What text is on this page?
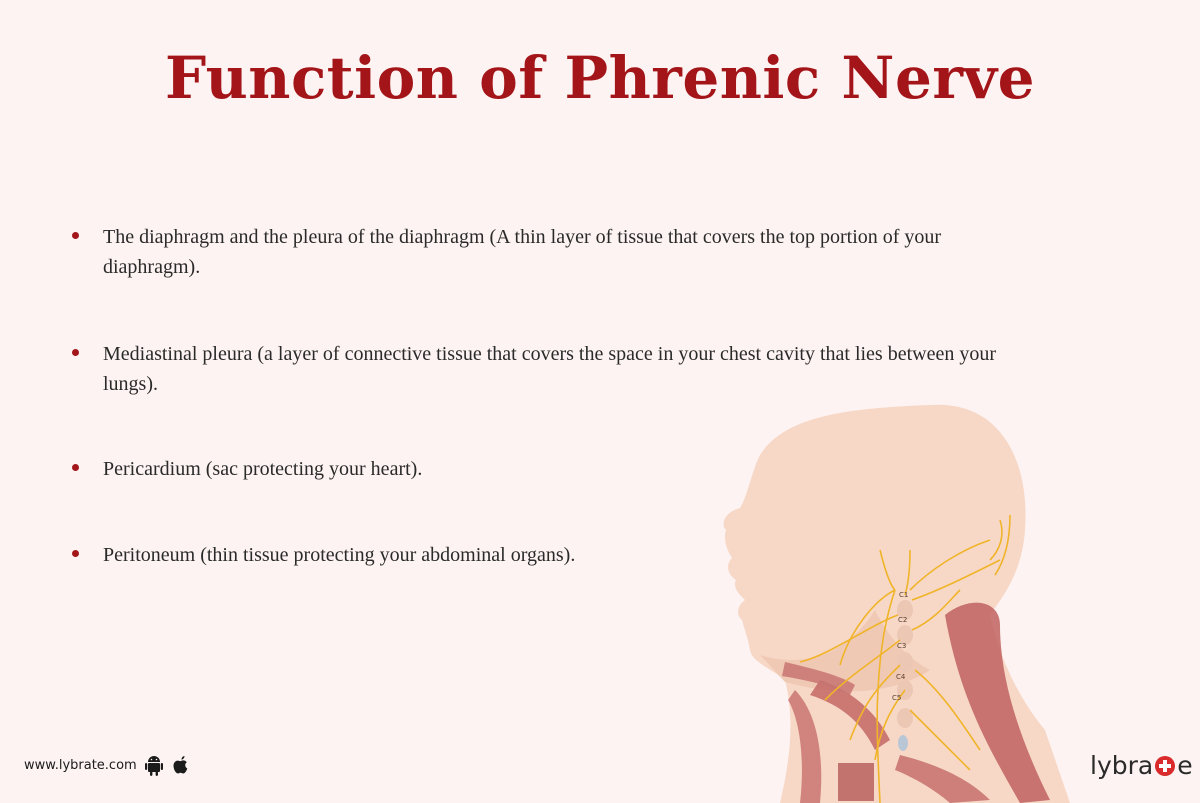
Function of Phrenic Nerve
The diaphragm and the pleura of the diaphragm (A thin layer of tissue that covers the top portion of your diaphragm).
Mediastinal pleura (a layer of connective tissue that covers the space in your chest cavity that lies between your lungs).
Pericardium (sac protecting your heart).
Peritoneum (thin tissue protecting your abdominal organs).
C1
C2
C3
C4
C5
www.lybrate.com	lybra e
